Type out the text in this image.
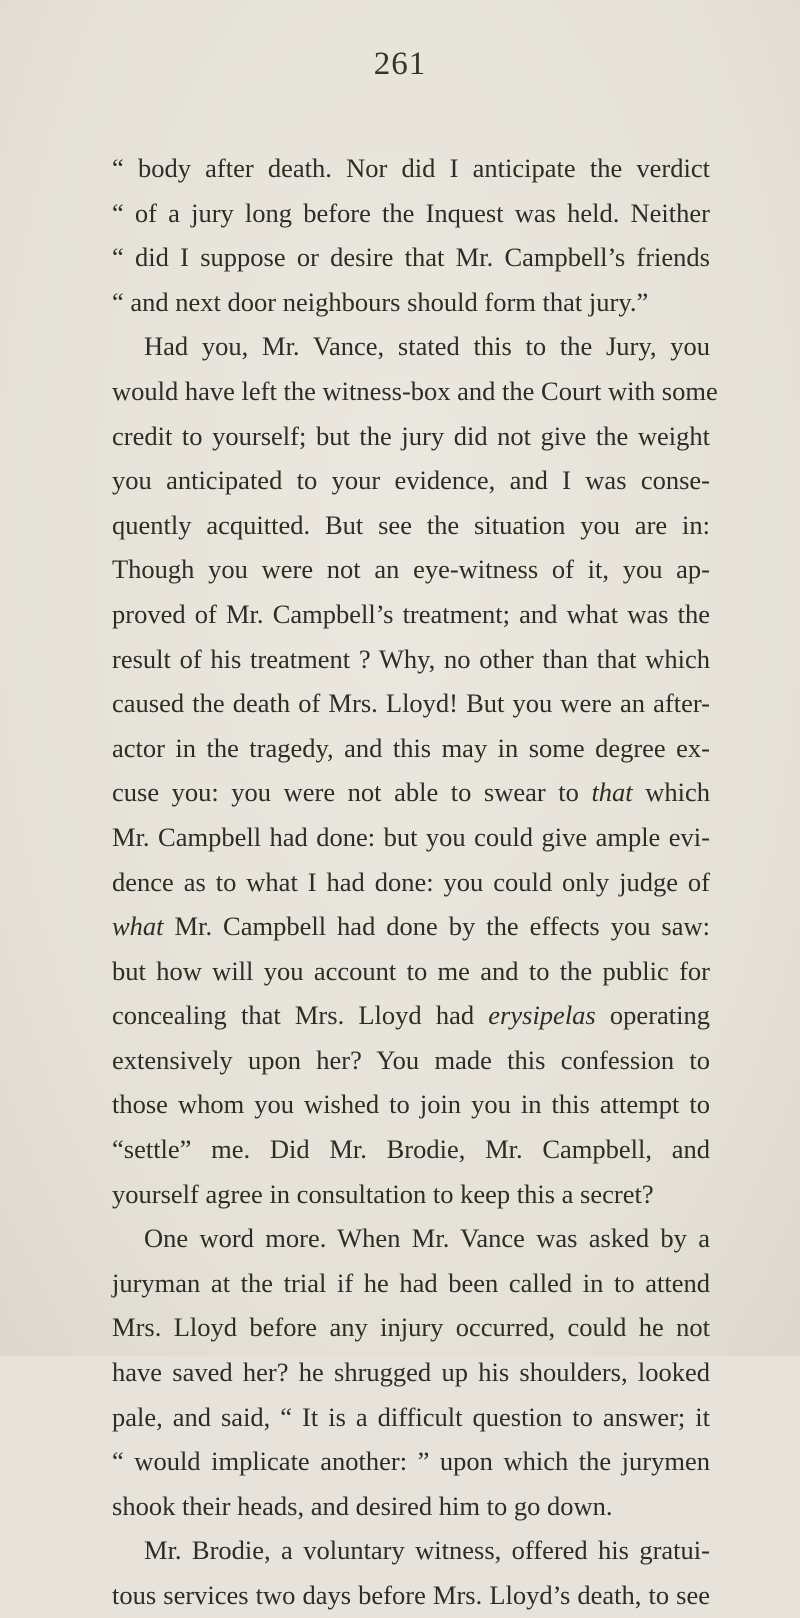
261
“ body after death. Nor did I anticipate the verdict
“ of a jury long before the Inquest was held. Neither
“ did I suppose or desire that Mr. Campbell’s friends
“ and next door neighbours should form that jury.”
Had you, Mr. Vance, stated this to the Jury, you
would have left the witness-box and the Court with some
credit to yourself; but the jury did not give the weight
you anticipated to your evidence, and I was conse-
quently acquitted. But see the situation you are in:
Though you were not an eye-witness of it, you ap-
proved of Mr. Campbell’s treatment; and what was the
result of his treatment ? Why, no other than that which
caused the death of Mrs. Lloyd! But you were an after-
actor in the tragedy, and this may in some degree ex-
cuse you: you were not able to swear to that which
Mr. Campbell had done: but you could give ample evi-
dence as to what I had done: you could only judge of
what Mr. Campbell had done by the effects you saw:
but how will you account to me and to the public for
concealing that Mrs. Lloyd had erysipelas operating
extensively upon her? You made this confession to
those whom you wished to join you in this attempt to
“settle” me. Did Mr. Brodie, Mr. Campbell, and
yourself agree in consultation to keep this a secret?
One word more. When Mr. Vance was asked by a
juryman at the trial if he had been called in to attend
Mrs. Lloyd before any injury occurred, could he not
have saved her? he shrugged up his shoulders, looked
pale, and said, “ It is a difficult question to answer; it
“ would implicate another: ” upon which the jurymen
shook their heads, and desired him to go down.
Mr. Brodie, a voluntary witness, offered his gratui-
tous services two days before Mrs. Lloyd’s death, to see
